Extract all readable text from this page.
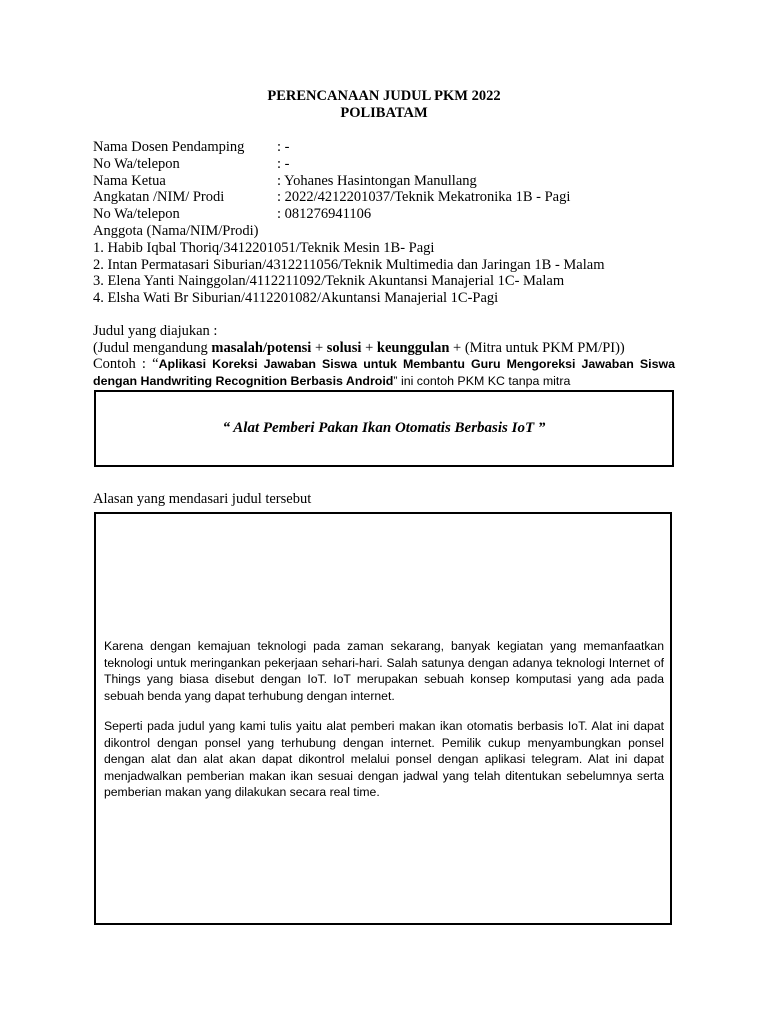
PERENCANAAN JUDUL PKM 2022
POLIBATAM
Nama Dosen Pendamping	: -
No Wa/telepon	: -
Nama Ketua	: Yohanes Hasintongan Manullang
Angkatan /NIM/ Prodi	: 2022/4212201037/Teknik Mekatronika 1B - Pagi
No Wa/telepon	: 081276941106
Anggota (Nama/NIM/Prodi)
1. Habib Iqbal Thoriq/3412201051/Teknik Mesin 1B- Pagi
2. Intan Permatasari Siburian/4312211056/Teknik Multimedia dan Jaringan 1B - Malam
3. Elena Yanti Nainggolan/4112211092/Teknik Akuntansi Manajerial 1C- Malam
4. Elsha Wati Br Siburian/4112201082/Akuntansi Manajerial 1C-Pagi
Judul yang diajukan :
(Judul mengandung masalah/potensi + solusi + keunggulan + (Mitra untuk PKM PM/PI))
Contoh : “Aplikasi Koreksi Jawaban Siswa untuk Membantu Guru Mengoreksi Jawaban Siswa
dengan Handwriting Recognition Berbasis Android” ini contoh PKM KC tanpa mitra
“ Alat Pemberi Pakan Ikan Otomatis Berbasis IoT ”
Alasan yang mendasari judul tersebut
Karena dengan kemajuan teknologi pada zaman sekarang, banyak kegiatan yang memanfaatkan teknologi untuk meringankan pekerjaan sehari-hari. Salah satunya dengan adanya teknologi Internet of Things yang biasa disebut dengan IoT. IoT merupakan sebuah konsep komputasi yang ada pada sebuah benda yang dapat terhubung dengan internet.
Seperti pada judul yang kami tulis yaitu alat pemberi makan ikan otomatis berbasis IoT. Alat ini dapat dikontrol dengan ponsel yang terhubung dengan internet. Pemilik cukup menyambungkan ponsel dengan alat dan alat akan dapat dikontrol melalui ponsel dengan aplikasi telegram. Alat ini dapat menjadwalkan pemberian makan ikan sesuai dengan jadwal yang telah ditentukan sebelumnya serta pemberian makan yang dilakukan secara real time.
